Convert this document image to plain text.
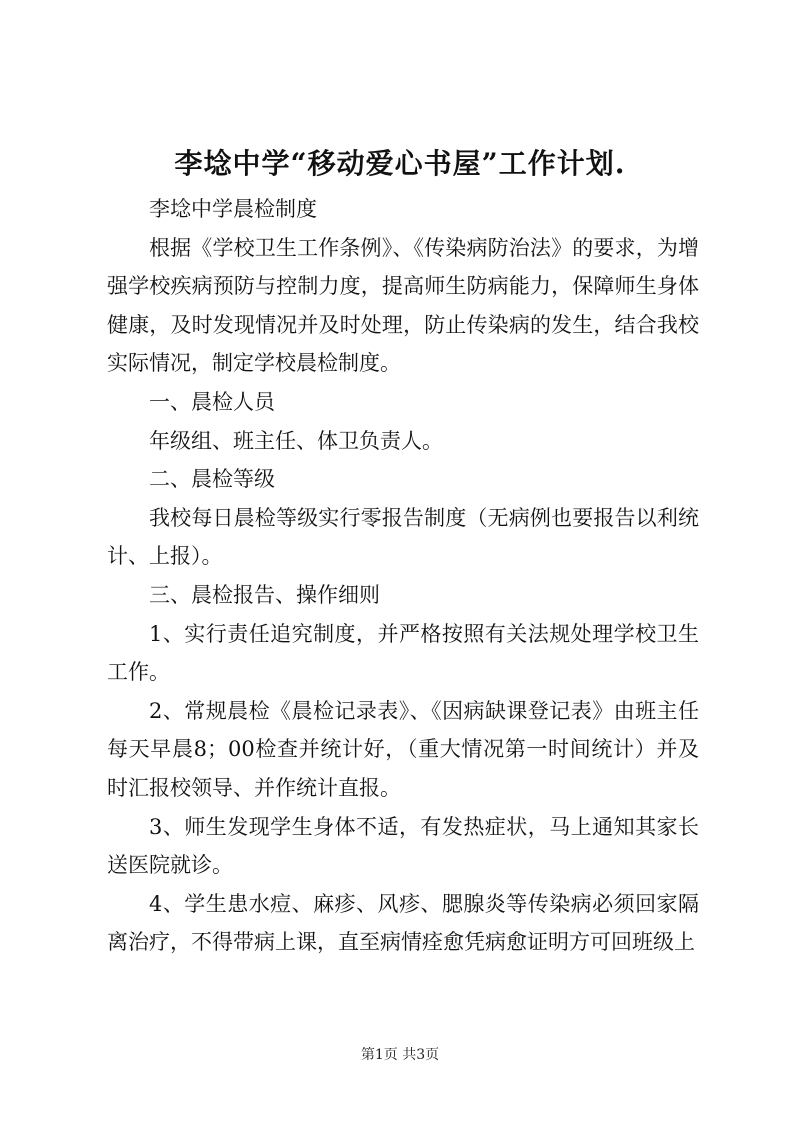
李埝中学“移动爱心书屋”工作计划.

李埝中学晨检制度

根据《学校卫生工作条例》、《传染病防治法》的要求，为增强学校疾病预防与控制力度，提高师生防病能力，保障师生身体健康，及时发现情况并及时处理，防止传染病的发生，结合我校实际情况，制定学校晨检制度。

一、晨检人员

年级组、班主任、体卫负责人。

二、晨检等级

我校每日晨检等级实行零报告制度（无病例也要报告以利统计、上报）。

三、晨检报告、操作细则

1、实行责任追究制度，并严格按照有关法规处理学校卫生工作。

2、常规晨检《晨检记录表》、《因病缺课登记表》由班主任每天早晨8；00检查并统计好，（重大情况第一时间统计）并及时汇报校领导、并作统计直报。

3、师生发现学生身体不适，有发热症状，马上通知其家长送医院就诊。

4、学生患水痘、麻疹、风疹、腮腺炎等传染病必须回家隔离治疗，不得带病上课，直至病情痊愈凭病愈证明方可回班级上

第1页 共3页
